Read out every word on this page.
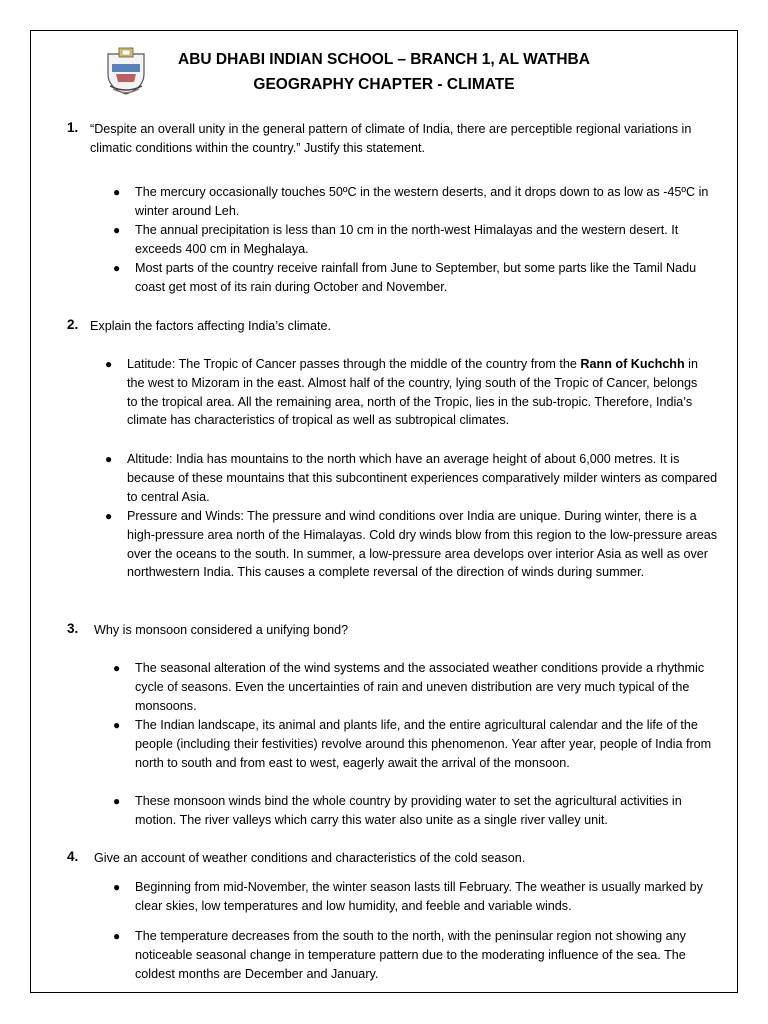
ABU DHABI INDIAN SCHOOL – BRANCH 1, AL WATHBA
GEOGRAPHY CHAPTER - CLIMATE
1. “Despite an overall unity in the general pattern of climate of India, there are perceptible regional variations in climatic conditions within the country.” Justify this statement.
● The mercury occasionally touches 50ºC in the western deserts, and it drops down to as low as -45ºC in winter around Leh.
● The annual precipitation is less than 10 cm in the north-west Himalayas and the western desert. It exceeds 400 cm in Meghalaya.
● Most parts of the country receive rainfall from June to September, but some parts like the Tamil Nadu coast get most of its rain during October and November.
2. Explain the factors affecting India’s climate.
● Latitude: The Tropic of Cancer passes through the middle of the country from the Rann of Kuchchh in the west to Mizoram in the east. Almost half of the country, lying south of the Tropic of Cancer, belongs to the tropical area. All the remaining area, north of the Tropic, lies in the sub-tropic. Therefore, India’s climate has characteristics of tropical as well as subtropical climates.
● Altitude: India has mountains to the north which have an average height of about 6,000 metres. It is because of these mountains that this subcontinent experiences comparatively milder winters as compared to central Asia.
● Pressure and Winds: The pressure and wind conditions over India are unique. During winter, there is a high-pressure area north of the Himalayas. Cold dry winds blow from this region to the low-pressure areas over the oceans to the south. In summer, a low-pressure area develops over interior Asia as well as over northwestern India. This causes a complete reversal of the direction of winds during summer.
3. Why is monsoon considered a unifying bond?
● The seasonal alteration of the wind systems and the associated weather conditions provide a rhythmic cycle of seasons. Even the uncertainties of rain and uneven distribution are very much typical of the monsoons.
● The Indian landscape, its animal and plants life, and the entire agricultural calendar and the life of the people (including their festivities) revolve around this phenomenon. Year after year, people of India from north to south and from east to west, eagerly await the arrival of the monsoon.
● These monsoon winds bind the whole country by providing water to set the agricultural activities in motion. The river valleys which carry this water also unite as a single river valley unit.
4. Give an account of weather conditions and characteristics of the cold season.
● Beginning from mid-November, the winter season lasts till February. The weather is usually marked by clear skies, low temperatures and low humidity, and feeble and variable winds.
● The temperature decreases from the south to the north, with the peninsular region not showing any noticeable seasonal change in temperature pattern due to the moderating influence of the sea. The coldest months are December and January.
